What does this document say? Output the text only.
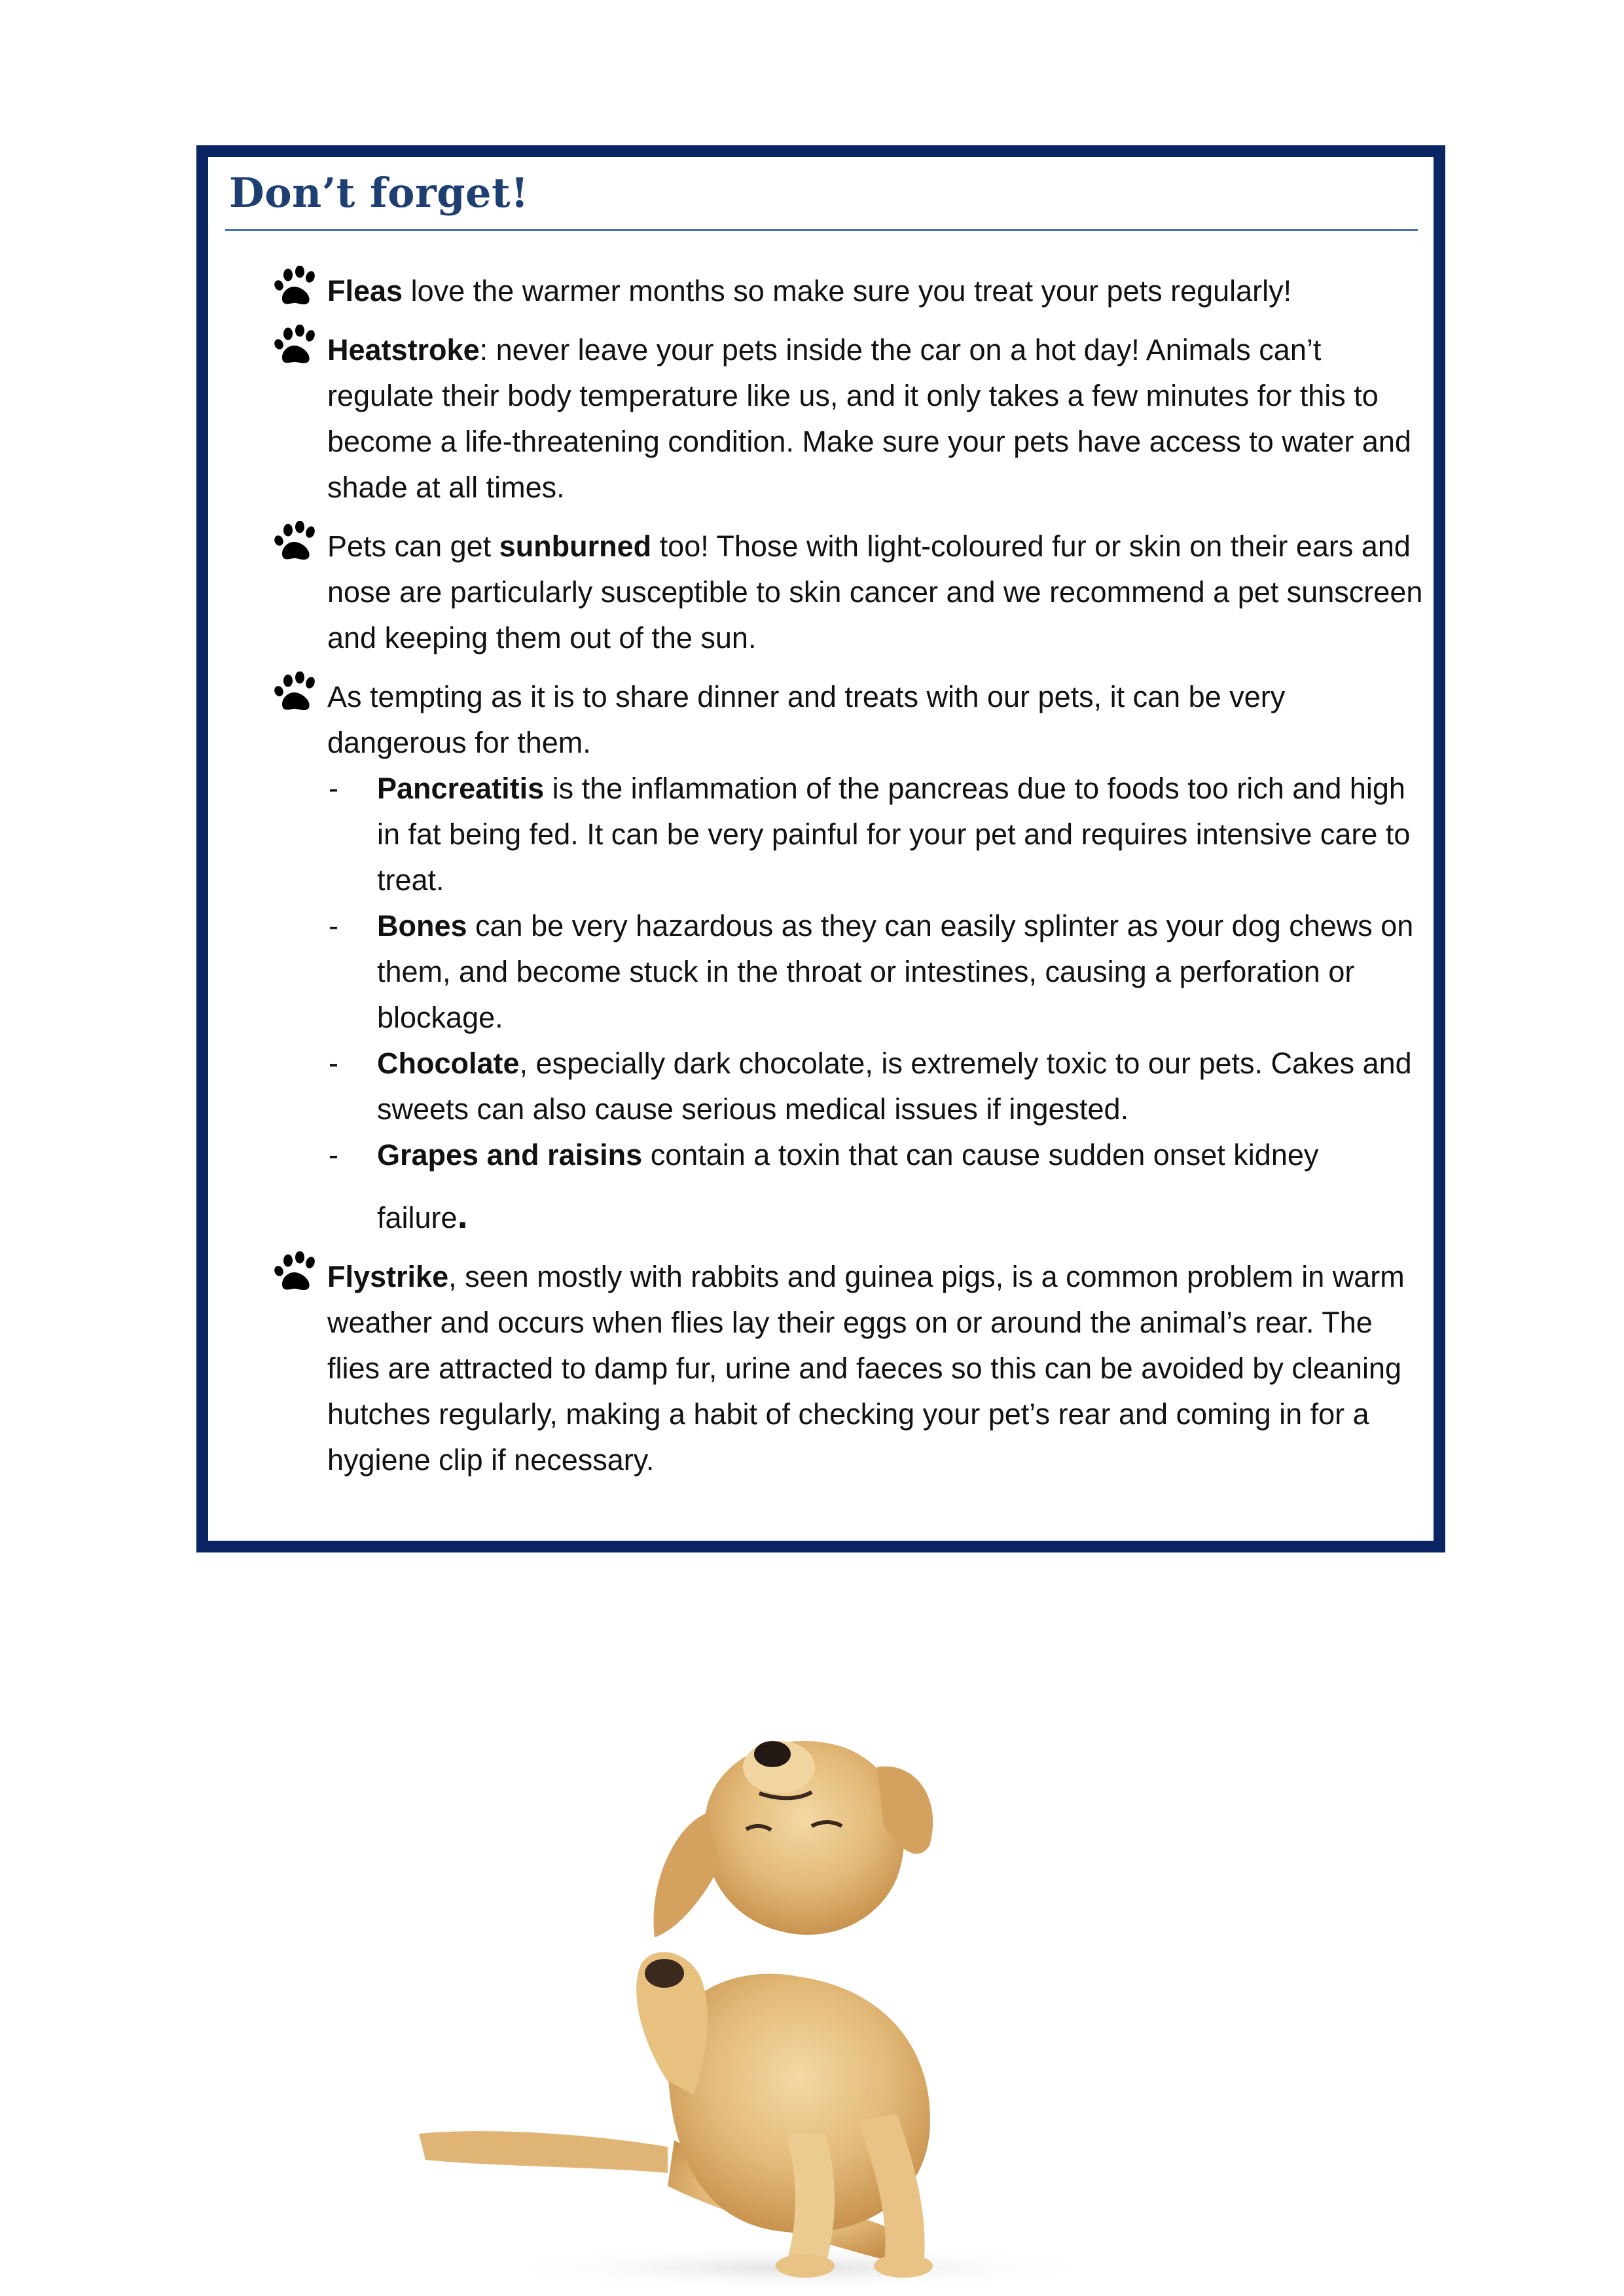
Don’t forget!
Fleas love the warmer months so make sure you treat your pets regularly!
Heatstroke: never leave your pets inside the car on a hot day! Animals can’t regulate their body temperature like us, and it only takes a few minutes for this to become a life-threatening condition. Make sure your pets have access to water and shade at all times.
Pets can get sunburned too! Those with light-coloured fur or skin on their ears and nose are particularly susceptible to skin cancer and we recommend a pet sunscreen and keeping them out of the sun.
As tempting as it is to share dinner and treats with our pets, it can be very dangerous for them.
- Pancreatitis is the inflammation of the pancreas due to foods too rich and high in fat being fed. It can be very painful for your pet and requires intensive care to treat.
- Bones can be very hazardous as they can easily splinter as your dog chews on them, and become stuck in the throat or intestines, causing a perforation or blockage.
- Chocolate, especially dark chocolate, is extremely toxic to our pets. Cakes and sweets can also cause serious medical issues if ingested.
- Grapes and raisins contain a toxin that can cause sudden onset kidney
failure.
Flystrike, seen mostly with rabbits and guinea pigs, is a common problem in warm weather and occurs when flies lay their eggs on or around the animal’s rear. The flies are attracted to damp fur, urine and faeces so this can be avoided by cleaning hutches regularly, making a habit of checking your pet’s rear and coming in for a hygiene clip if necessary.
